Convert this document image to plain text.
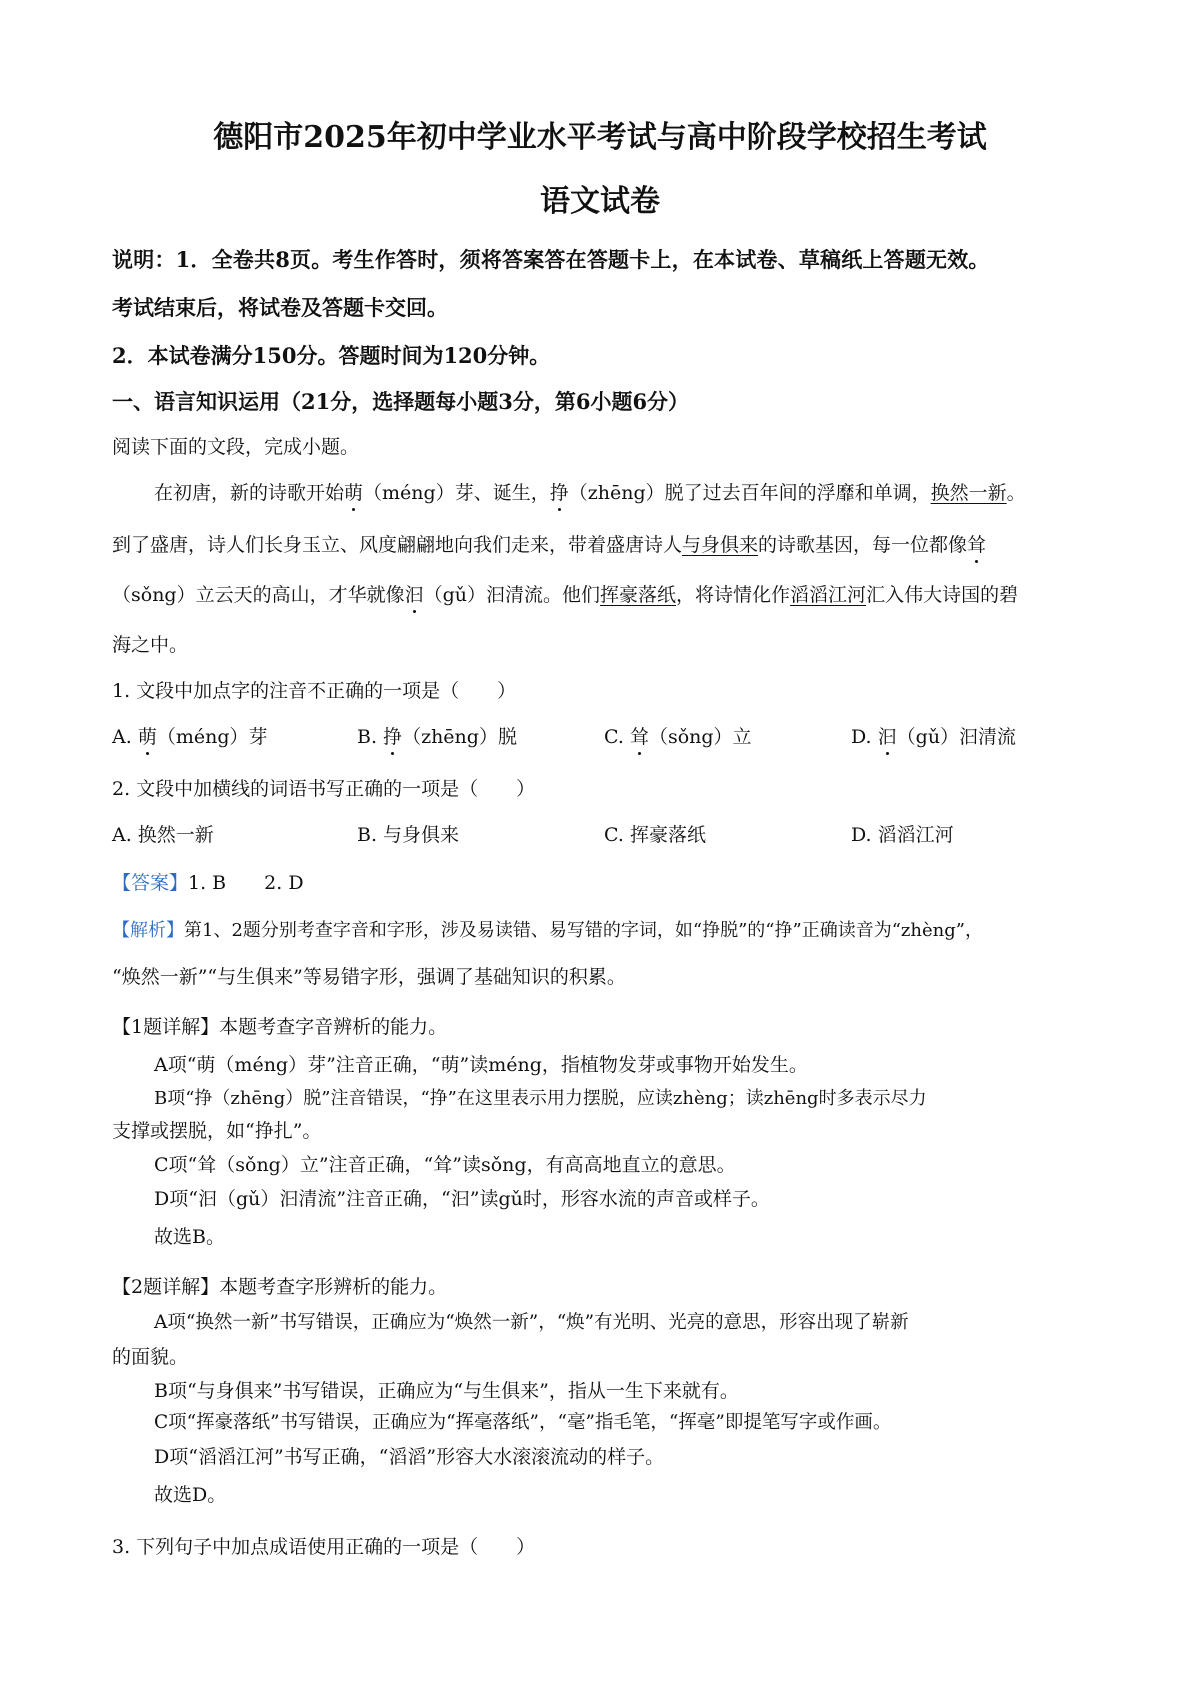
德阳市2025年初中学业水平考试与高中阶段学校招生考试
语文试卷
说明：1．全卷共8页。考生作答时，须将答案答在答题卡上，在本试卷、草稿纸上答题无效。
考试结束后，将试卷及答题卡交回。
2．本试卷满分150分。答题时间为120分钟。
一、语言知识运用（21分，选择题每小题3分，第6小题6分）
阅读下面的文段，完成小题。
在初唐，新的诗歌开始萌（méng）芽、诞生，挣（zhēng）脱了过去百年间的浮靡和单调，换然一新。
到了盛唐，诗人们长身玉立、风度翩翩地向我们走来，带着盛唐诗人与身俱来的诗歌基因，每一位都像耸
（sǒng）立云天的高山，才华就像汩（gǔ）汩清流。他们挥豪落纸，将诗情化作滔滔江河汇入伟大诗国的碧
海之中。
1. 文段中加点字的注音不正确的一项是（　　）
A. 萌（méng）芽	B. 挣（zhēng）脱	C. 耸（sǒng）立	D. 汩（gǔ）汩清流
2. 文段中加横线的词语书写正确的一项是（　　）
A. 换然一新	B. 与身俱来	C. 挥豪落纸	D. 滔滔江河
【答案】1. B　　2. D
【解析】第1、2题分别考查字音和字形，涉及易读错、易写错的字词，如“挣脱”的“挣”正确读音为“zhèng”，
“焕然一新”“与生俱来”等易错字形，强调了基础知识的积累。
【1题详解】本题考查字音辨析的能力。
A项“萌（méng）芽”注音正确，“萌”读méng，指植物发芽或事物开始发生。
B项“挣（zhēng）脱”注音错误，“挣”在这里表示用力摆脱，应读zhèng；读zhēng时多表示尽力
支撑或摆脱，如“挣扎”。
C项“耸（sǒng）立”注音正确，“耸”读sǒng，有高高地直立的意思。
D项“汩（gǔ）汩清流”注音正确，“汩”读gǔ时，形容水流的声音或样子。
故选B。
【2题详解】本题考查字形辨析的能力。
A项“换然一新”书写错误，正确应为“焕然一新”，“焕”有光明、光亮的意思，形容出现了崭新
的面貌。
B项“与身俱来”书写错误，正确应为“与生俱来”，指从一生下来就有。
C项“挥豪落纸”书写错误，正确应为“挥毫落纸”，“毫”指毛笔，“挥毫”即提笔写字或作画。
D项“滔滔江河”书写正确，“滔滔”形容大水滚滚流动的样子。
故选D。
3. 下列句子中加点成语使用正确的一项是（　　）
